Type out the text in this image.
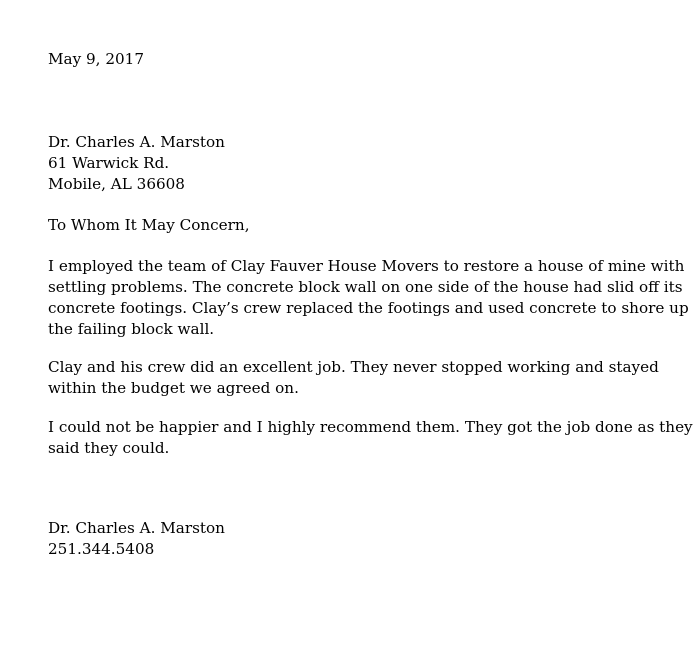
May 9, 2017

Dr. Charles A. Marston

61 Warwick Rd.

Mobile, AL 36608

To Whom It May Concern,

I employed the team of Clay Fauver House Movers to restore a house of mine with

settling problems. The concrete block wall on one side of the house had slid off its

concrete footings. Clay’s crew replaced the footings and used concrete to shore up

the failing block wall.

Clay and his crew did an excellent job. They never stopped working and stayed

within the budget we agreed on.

I could not be happier and I highly recommend them. They got the job done as they

said they could.

Dr. Charles A. Marston

251.344.5408
